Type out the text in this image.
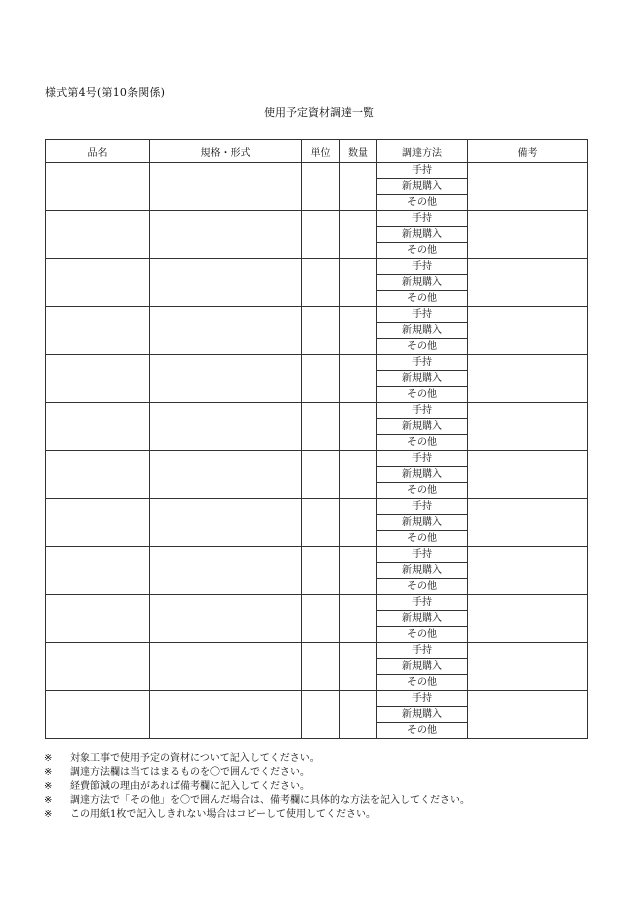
様式第4号(第10条関係)
使用予定資材調達一覧
品名	規格・形式	単位	数量	調達方法	備考
				手持	
				新規購入	
				その他	
				手持	
				新規購入	
				その他	
				手持	
				新規購入	
				その他	
				手持	
				新規購入	
				その他	
				手持	
				新規購入	
				その他	
				手持	
				新規購入	
				その他	
				手持	
				新規購入	
				その他	
				手持	
				新規購入	
				その他	
				手持	
				新規購入	
				その他	
				手持	
				新規購入	
				その他	
				手持	
				新規購入	
				その他	
				手持	
				新規購入	
				その他	
※	対象工事で使用予定の資材について記入してください。
※	調達方法欄は当てはまるものを〇で囲んでください。
※	経費節減の理由があれば備考欄に記入してください。
※	調達方法で「その他」を〇で囲んだ場合は、備考欄に具体的な方法を記入してください。
※	この用紙1枚で記入しきれない場合はコピーして使用してください。
